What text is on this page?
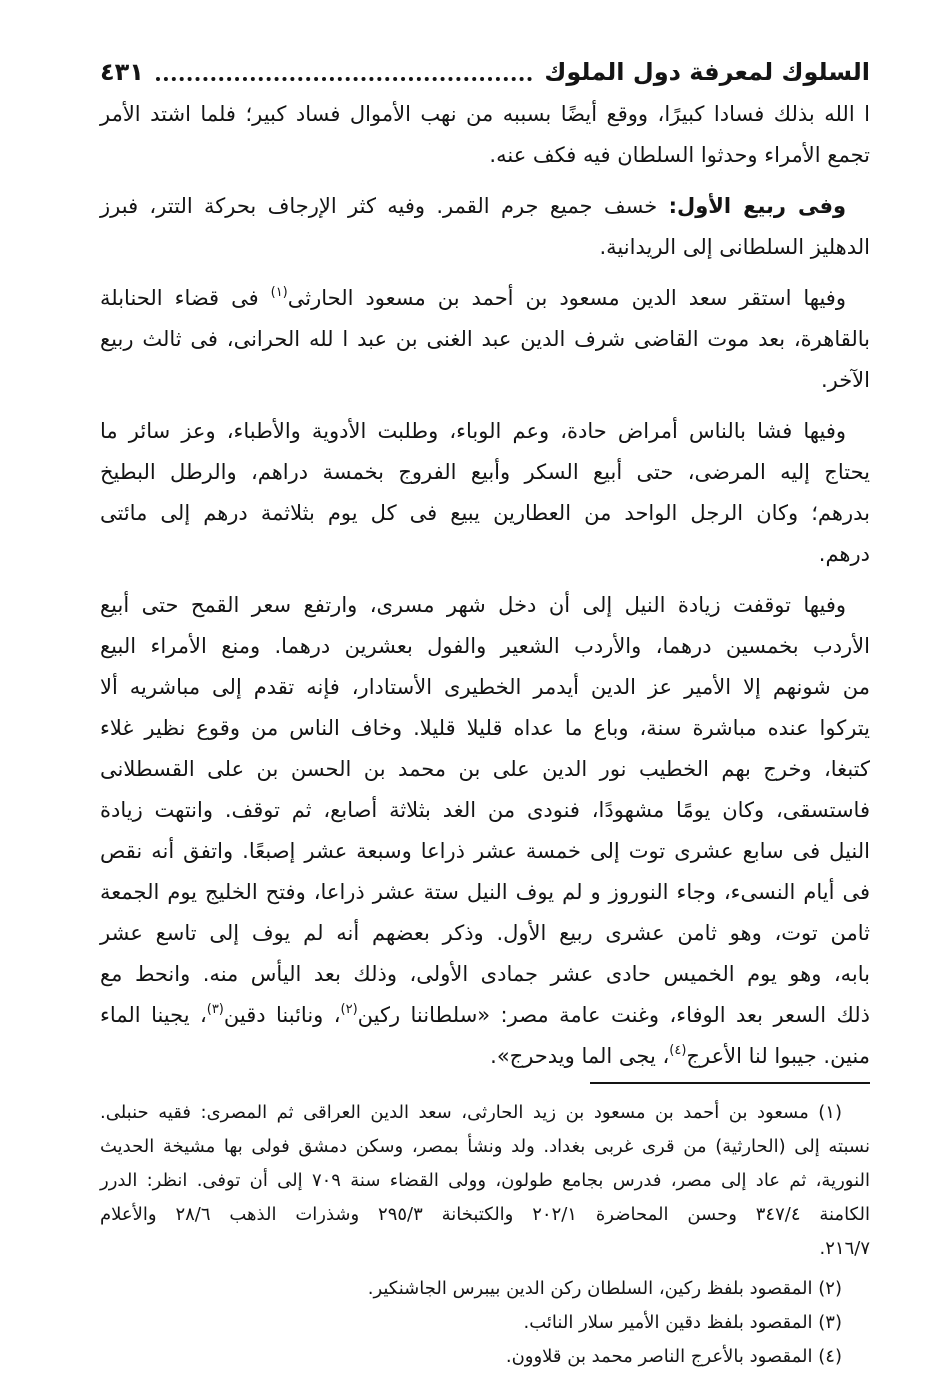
السلوك لمعرفة دول الملوك
٤٣١
ا الله بذلك فسادا كبيرًا، ووقع أيضًا بسببه من نهب الأموال فساد كبير؛ فلما اشتد الأمر
تجمع الأمراء وحدثوا السلطان فيه فكف عنه.
وفى ربيع الأول: خسف جميع جرم القمر. وفيه كثر الإرجاف بحركة التتر، فبرز
الدهليز السلطانى إلى الريدانية.
وفيها استقر سعد الدين مسعود بن أحمد بن مسعود الحارثى$^{(١)}$ فى قضاء الحنابلة
بالقاهرة، بعد موت القاضى شرف الدين عبد الغنى بن عبد ا لله الحرانى، فى ثالث ربيع
الآخر.
وفيها فشا بالناس أمراض حادة، وعم الوباء، وطلبت الأدوية والأطباء، وعز سائر ما
يحتاج إليه المرضى، حتى أبيع السكر وأبيع الفروج بخمسة دراهم، والرطل البطيخ
بدرهم؛ وكان الرجل الواحد من العطارين يبيع فى كل يوم بثلاثمة درهم إلى مائتى
درهم.
وفيها توقفت زيادة النيل إلى أن دخل شهر مسرى، وارتفع سعر القمح حتى أبيع
الأردب بخمسين درهما، والأردب الشعير والفول بعشرين درهما. ومنع الأمراء البيع
من شونهم إلا الأمير عز الدين أيدمر الخطيرى الأستادار، فإنه تقدم إلى مباشريه ألا
يتركوا عنده مباشرة سنة، وباع ما عداه قليلا قليلا. وخاف الناس من وقوع نظير غلاء
كتبغا، وخرج بهم الخطيب نور الدين على بن محمد بن الحسن بن على القسطلانى
فاستسقى، وكان يومًا مشهودًا، فنودى من الغد بثلاثة أصابع، ثم توقف. وانتهت زيادة
النيل فى سابع عشرى توت إلى خمسة عشر ذراعا وسبعة عشر إصبعًا. واتفق أنه نقص
فى أيام النسىء، وجاء النوروز و لم يوف النيل ستة عشر ذراعا، وفتح الخليج يوم الجمعة
ثامن توت، وهو ثامن عشرى ربيع الأول. وذكر بعضهم أنه لم يوف إلى تاسع عشر
بابه، وهو يوم الخميس حادى عشر جمادى الأولى، وذلك بعد اليأس منه. وانحط مع
ذلك السعر بعد الوفاء، وغنت عامة مصر: «سلطاننا ركين$^{(٢)}$، ونائبنا دقين$^{(٣)}$، يجينا الماء
منين. جيبوا لنا الأعرج$^{(٤)}$، يجى الما ويدحرج».
(١) مسعود بن أحمد بن مسعود بن زيد الحارثى، سعد الدين العراقى ثم المصرى: فقيه حنبلى.
نسبته إلى (الحارثية) من قرى غربى بغداد. ولد ونشأ بمصر، وسكن دمشق فولى بها مشيخة الحديث
النورية، ثم عاد إلى مصر، فدرس بجامع طولون، وولى القضاء سنة ٧٠٩ إلى أن توفى. انظر: الدرر
الكامنة ٣٤٧/٤ وحسن المحاضرة ٢٠٢/١ والكتبخانة ٢٩٥/٣ وشذرات الذهب ٢٨/٦ والأعلام
٢١٦/٧.
(٢) المقصود بلفظ ركين، السلطان ركن الدين بيبرس الجاشنكير.
(٣) المقصود بلفظ دقين الأمير سلار النائب.
(٤) المقصود بالأعرج الناصر محمد بن قلاوون.
